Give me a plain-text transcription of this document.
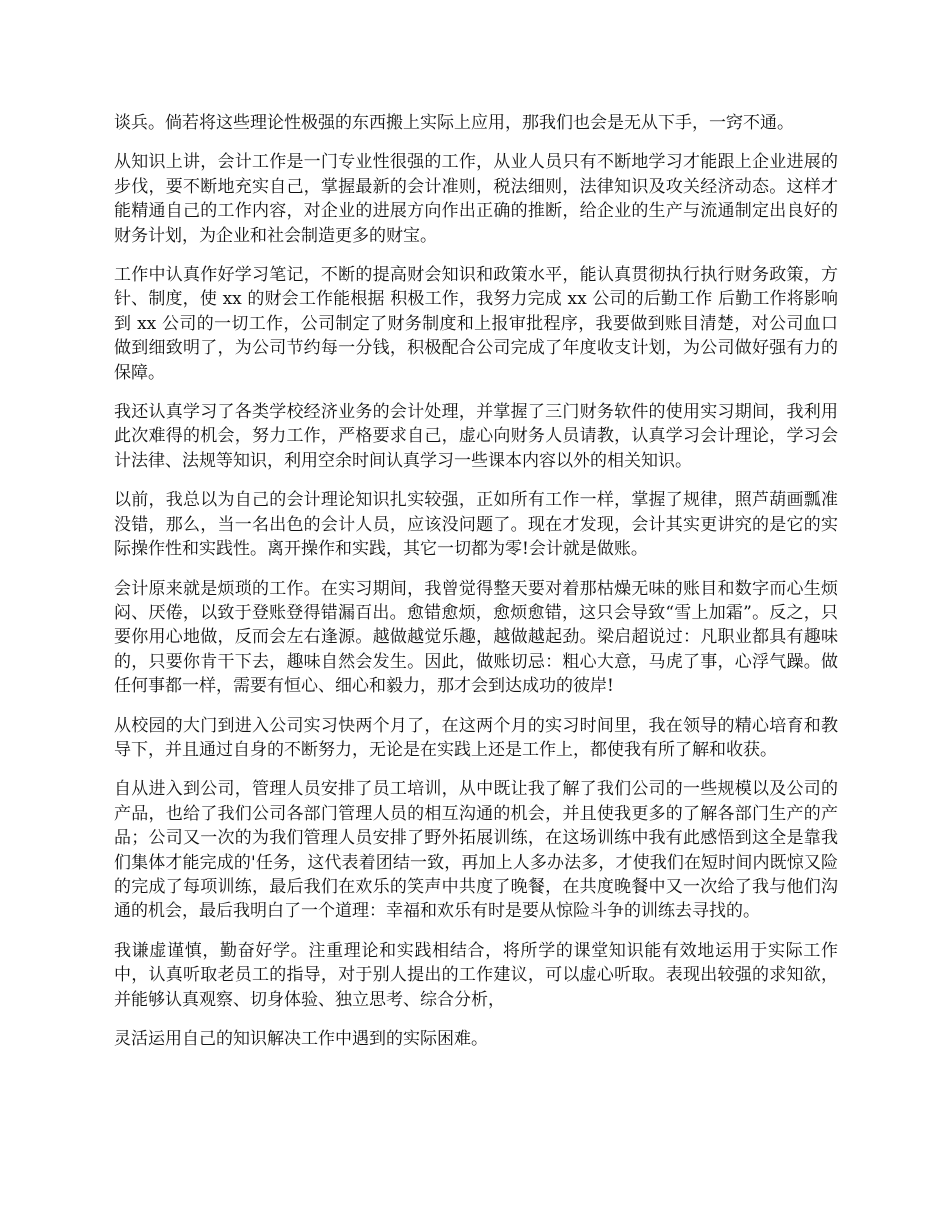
谈兵。倘若将这些理论性极强的东西搬上实际上应用，那我们也会是无从下手，一窍不通。

从知识上讲，会计工作是一门专业性很强的工作，从业人员只有不断地学习才能跟上企业进展的步伐，要不断地充实自己，掌握最新的会计准则，税法细则，法律知识及攻关经济动态。这样才能精通自己的工作内容，对企业的进展方向作出正确的推断，给企业的生产与流通制定出良好的财务计划，为企业和社会制造更多的财宝。

工作中认真作好学习笔记，不断的提高财会知识和政策水平，能认真贯彻执行执行财务政策，方针、制度，使 xx 的财会工作能根据 积极工作，我努力完成 xx 公司的后勤工作 后勤工作将影响到 xx 公司的一切工作，公司制定了财务制度和上报审批程序，我要做到账目清楚，对公司血口做到细致明了，为公司节约每一分钱，积极配合公司完成了年度收支计划，为公司做好强有力的保障。

我还认真学习了各类学校经济业务的会计处理，并掌握了三门财务软件的使用实习期间，我利用此次难得的机会，努力工作，严格要求自己，虚心向财务人员请教，认真学习会计理论，学习会计法律、法规等知识，利用空余时间认真学习一些课本内容以外的相关知识。

以前，我总以为自己的会计理论知识扎实较强，正如所有工作一样，掌握了规律，照芦葫画瓢准没错，那么，当一名出色的会计人员，应该没问题了。现在才发现，会计其实更讲究的是它的实际操作性和实践性。离开操作和实践，其它一切都为零!会计就是做账。

会计原来就是烦琐的工作。在实习期间，我曾觉得整天要对着那枯燥无味的账目和数字而心生烦闷、厌倦，以致于登账登得错漏百出。愈错愈烦，愈烦愈错，这只会导致“雪上加霜”。反之，只要你用心地做，反而会左右逢源。越做越觉乐趣，越做越起劲。梁启超说过：凡职业都具有趣味的，只要你肯干下去，趣味自然会发生。因此，做账切忌：粗心大意，马虎了事，心浮气躁。做任何事都一样，需要有恒心、细心和毅力，那才会到达成功的彼岸!

从校园的大门到进入公司实习快两个月了，在这两个月的实习时间里，我在领导的精心培育和教导下，并且通过自身的不断努力，无论是在实践上还是工作上，都使我有所了解和收获。

自从进入到公司，管理人员安排了员工培训，从中既让我了解了我们公司的一些规模以及公司的产品，也给了我们公司各部门管理人员的相互沟通的机会，并且使我更多的了解各部门生产的产品；公司又一次的为我们管理人员安排了野外拓展训练，在这场训练中我有此感悟到这全是靠我们集体才能完成的'任务，这代表着团结一致，再加上人多办法多，才使我们在短时间内既惊又险的完成了每项训练，最后我们在欢乐的笑声中共度了晚餐，在共度晚餐中又一次给了我与他们沟通的机会，最后我明白了一个道理：幸福和欢乐有时是要从惊险斗争的训练去寻找的。

我谦虚谨慎，勤奋好学。注重理论和实践相结合，将所学的课堂知识能有效地运用于实际工作中，认真听取老员工的指导，对于别人提出的工作建议，可以虚心听取。表现出较强的求知欲，并能够认真观察、切身体验、独立思考、综合分析，

灵活运用自己的知识解决工作中遇到的实际困难。
